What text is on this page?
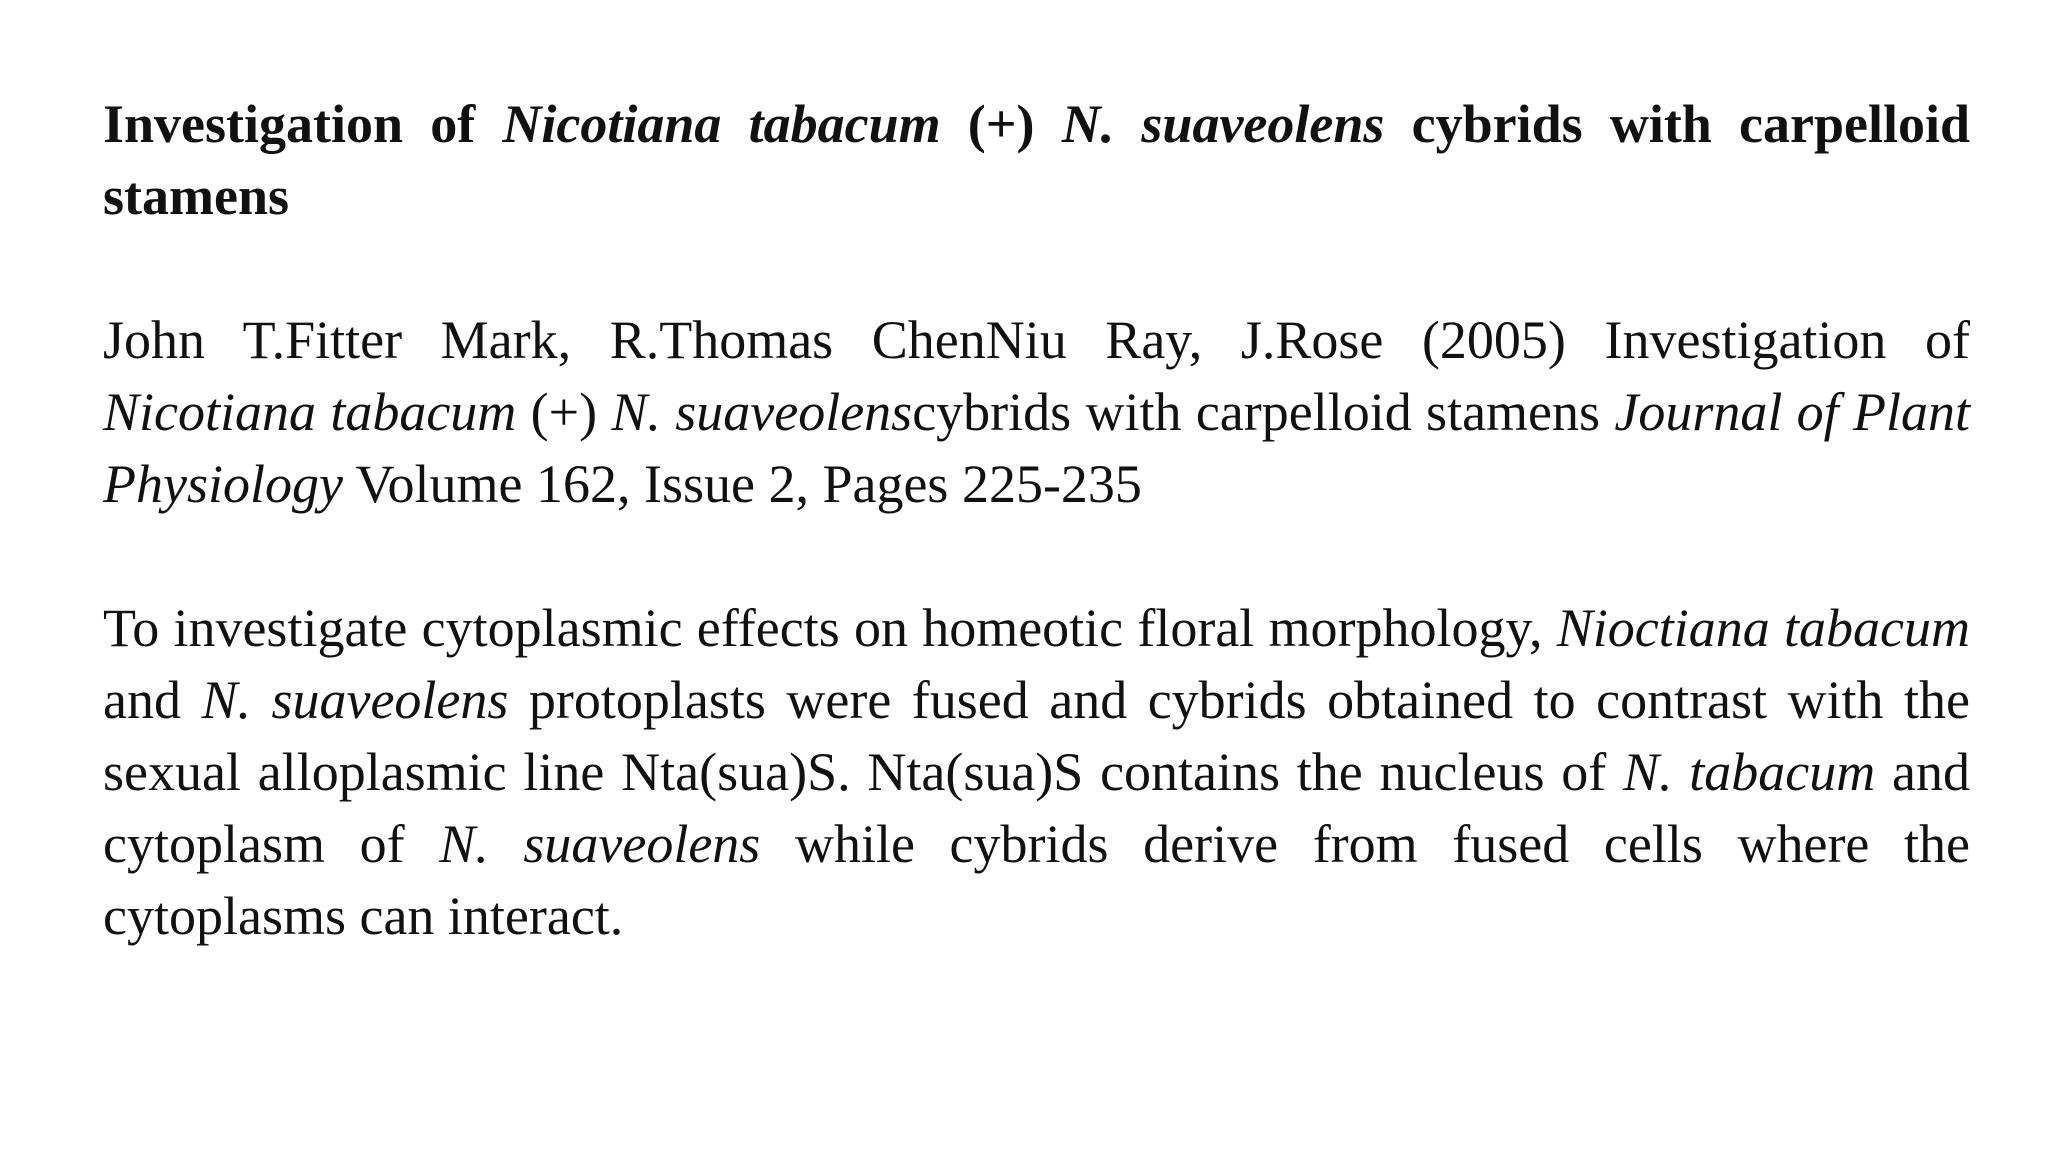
Investigation of Nicotiana tabacum (+) N. suaveolens cybrids with carpelloid stamens

John T.Fitter Mark, R.Thomas ChenNiu Ray, J.Rose (2005) Investigation of Nicotiana tabacum (+) N. suaveolenscybrids with carpelloid stamens Journal of Plant Physiology Volume 162, Issue 2, Pages 225-235

To investigate cytoplasmic effects on homeotic floral morphology, Nioctiana tabacum and N. suaveolens protoplasts were fused and cybrids obtained to contrast with the sexual alloplasmic line Nta(sua)S. Nta(sua)S contains the nucleus of N. tabacum and cytoplasm of N. suaveolens while cybrids derive from fused cells where the cytoplasms can interact.
